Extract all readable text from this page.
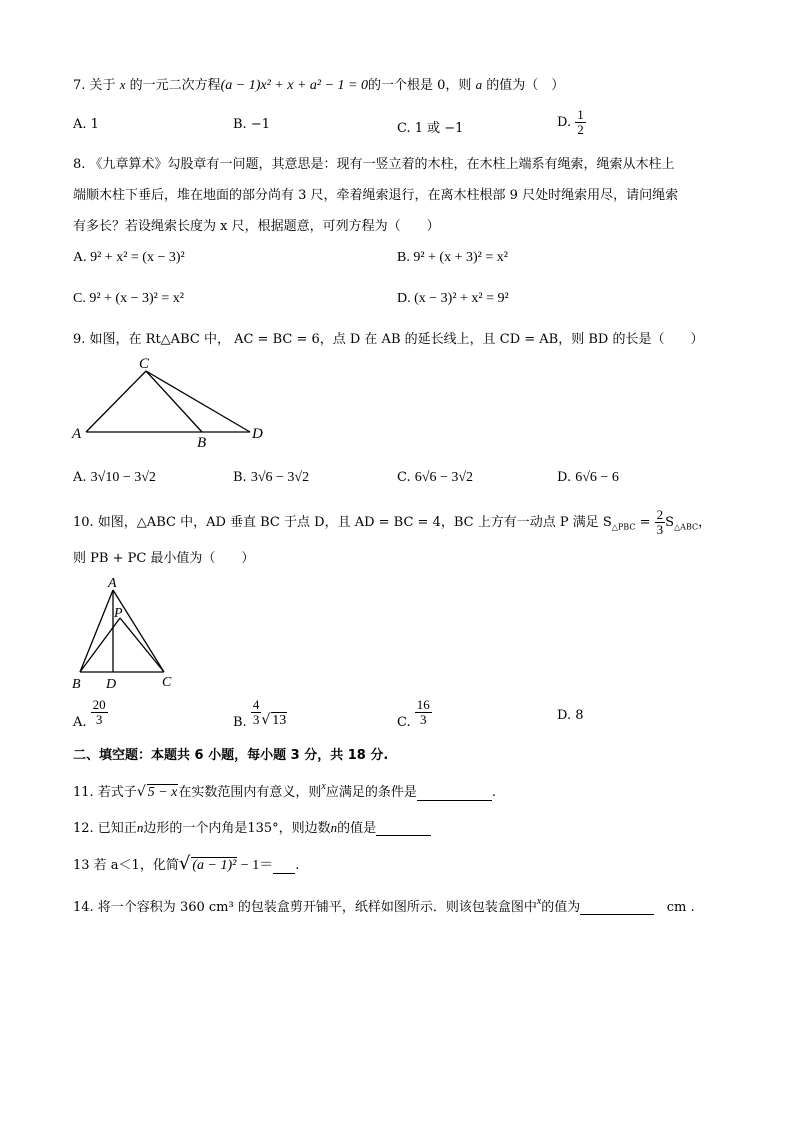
7. 关于 x 的一元二次方程(a − 1)x² + x + a² − 1 = 0的一个根是 0，则 a 的值为（　）
A. 1	B. −1	C. 1 或 −1	D. $\frac{1}{2}$
8. 《九章算术》勾股章有一问题，其意思是：现有一竖立着的木柱，在木柱上端系有绳索，绳索从木柱上
端顺木柱下垂后，堆在地面的部分尚有 3 尺，牵着绳索退行，在离木柱根部 9 尺处时绳索用尽，请问绳索
有多长？若设绳索长度为 x 尺，根据题意，可列方程为（　　）
A. 9² + x² = (x − 3)²	B. 9² + (x + 3)² = x²
C. 9² + (x − 3)² = x²	D. (x − 3)² + x² = 9²
9. 如图，在 Rt△ABC 中， AC = BC = 6，点 D 在 AB 的延长线上，且 CD = AB，则 BD 的长是（　　）
C
A
B
D
A. 3√10 − 3√2	B. 3√6 − 3√2	C. 6√6 − 3√2	D. 6√6 − 6
10. 如图，△ABC 中，AD 垂直 BC 于点 D，且 AD = BC = 4，BC 上方有一动点 P 满足 $S_{\triangle PBC} = \frac{2}{3} S_{\triangle ABC}$，
则 PB + PC 最小值为（　　）
A
P
B D	C
A. $\frac{20}{3}$	B. $\frac{4}{3}$ √ 13	C. $\frac{16}{3}$	D. 8
二、填空题：本题共 6 小题，每小题 3 分，共 18 分.
11. 若式子√ 5 − x在实数范围内有意义，则$^x$应满足的条件是	.
12. 已知正n边形的一个内角是135°，则边数n的值是
13 若 a＜1，化简√ (a − 1)² − 1＝ .
14. 将一个容积为 360 cm³ 的包装盒剪开铺平，纸样如图所示．则该包装盒图中$^x$的值为	cm .
